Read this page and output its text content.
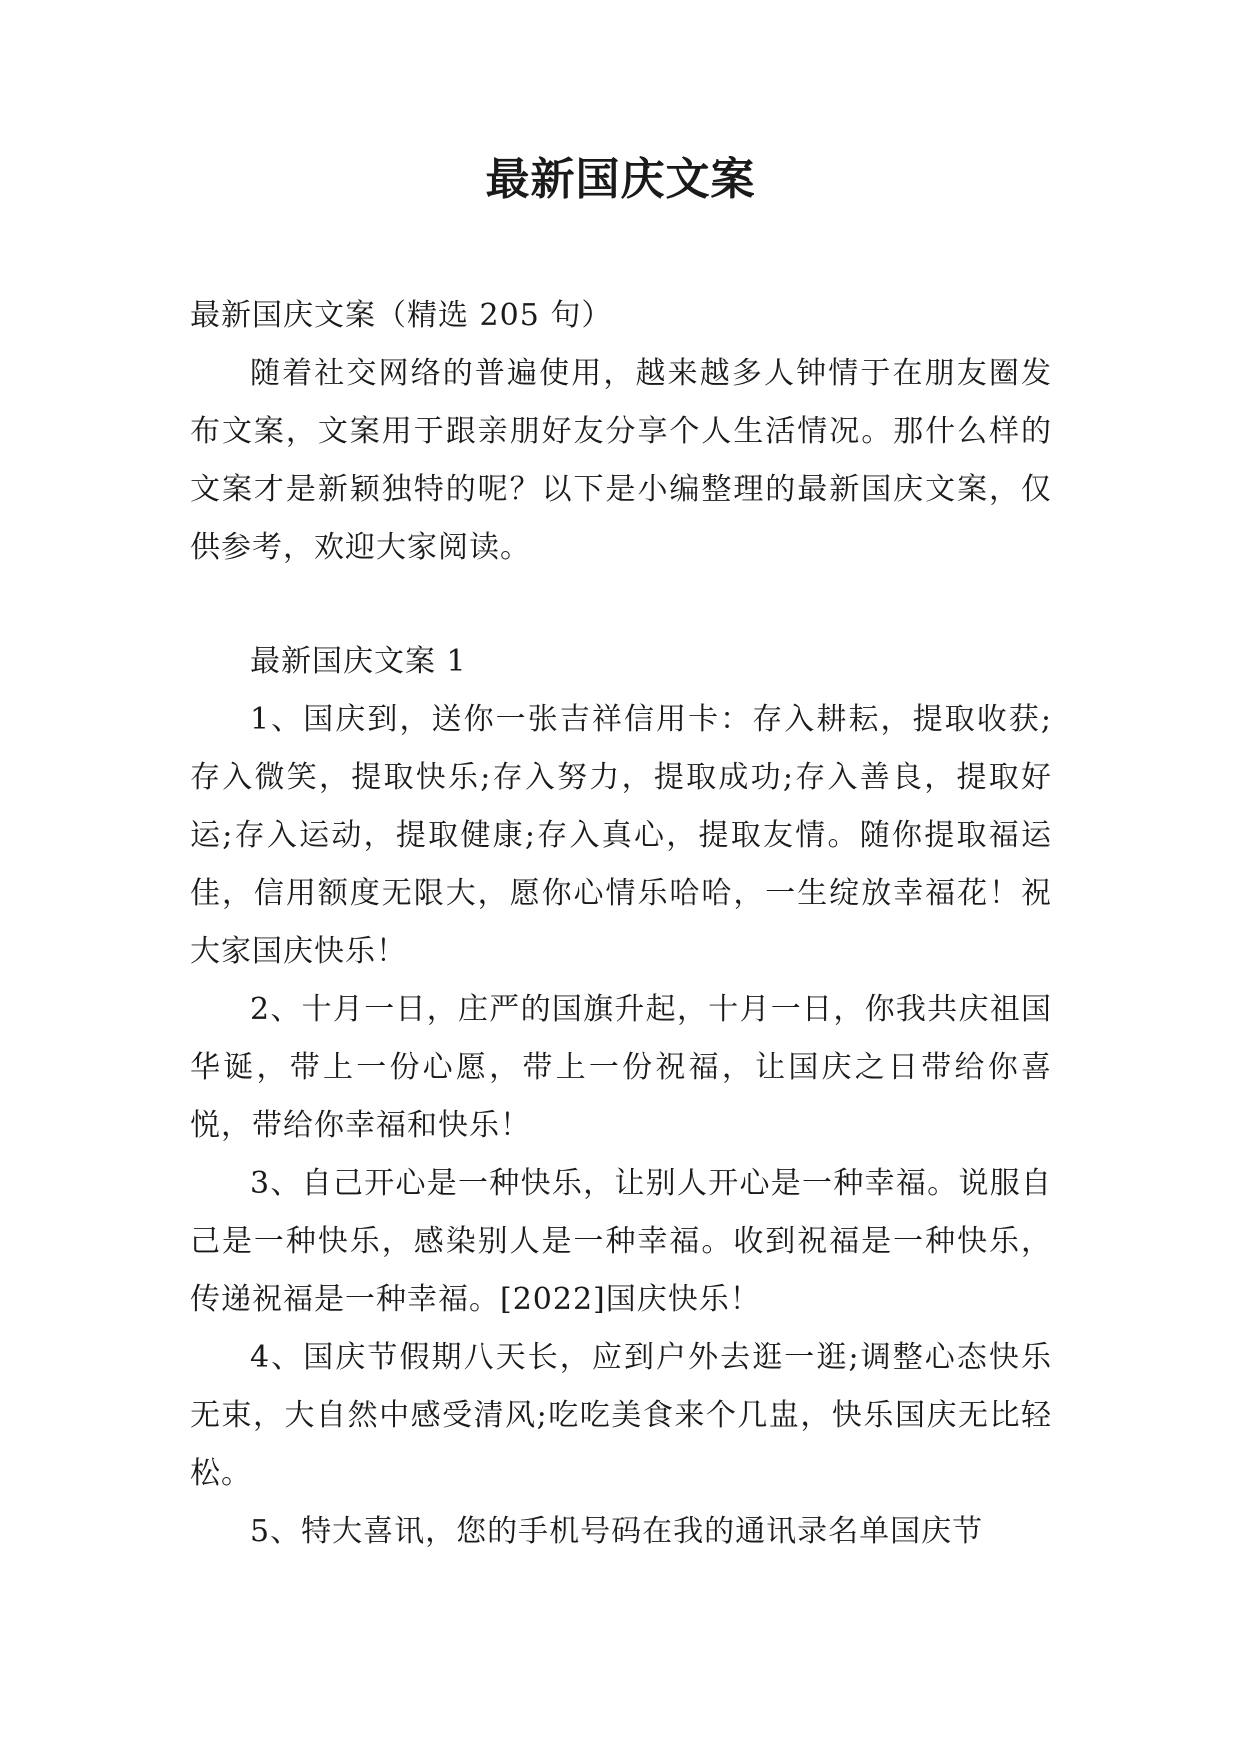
最新国庆文案

最新国庆文案（精选 205 句）

随着社交网络的普遍使用，越来越多人钟情于在朋友圈发布文案，文案用于跟亲朋好友分享个人生活情况。那什么样的文案才是新颖独特的呢？以下是小编整理的最新国庆文案，仅供参考，欢迎大家阅读。

最新国庆文案 1

1、国庆到，送你一张吉祥信用卡：存入耕耘，提取收获;存入微笑，提取快乐;存入努力，提取成功;存入善良，提取好运;存入运动，提取健康;存入真心，提取友情。随你提取福运佳，信用额度无限大，愿你心情乐哈哈，一生绽放幸福花！祝大家国庆快乐！

2、十月一日，庄严的国旗升起，十月一日，你我共庆祖国华诞，带上一份心愿，带上一份祝福，让国庆之日带给你喜悦，带给你幸福和快乐！

3、自己开心是一种快乐，让别人开心是一种幸福。说服自己是一种快乐，感染别人是一种幸福。收到祝福是一种快乐，传递祝福是一种幸福。[2022]国庆快乐！

4、国庆节假期八天长，应到户外去逛一逛;调整心态快乐无束，大自然中感受清风;吃吃美食来个几盅，快乐国庆无比轻松。

5、特大喜讯，您的手机号码在我的通讯录名单国庆节
